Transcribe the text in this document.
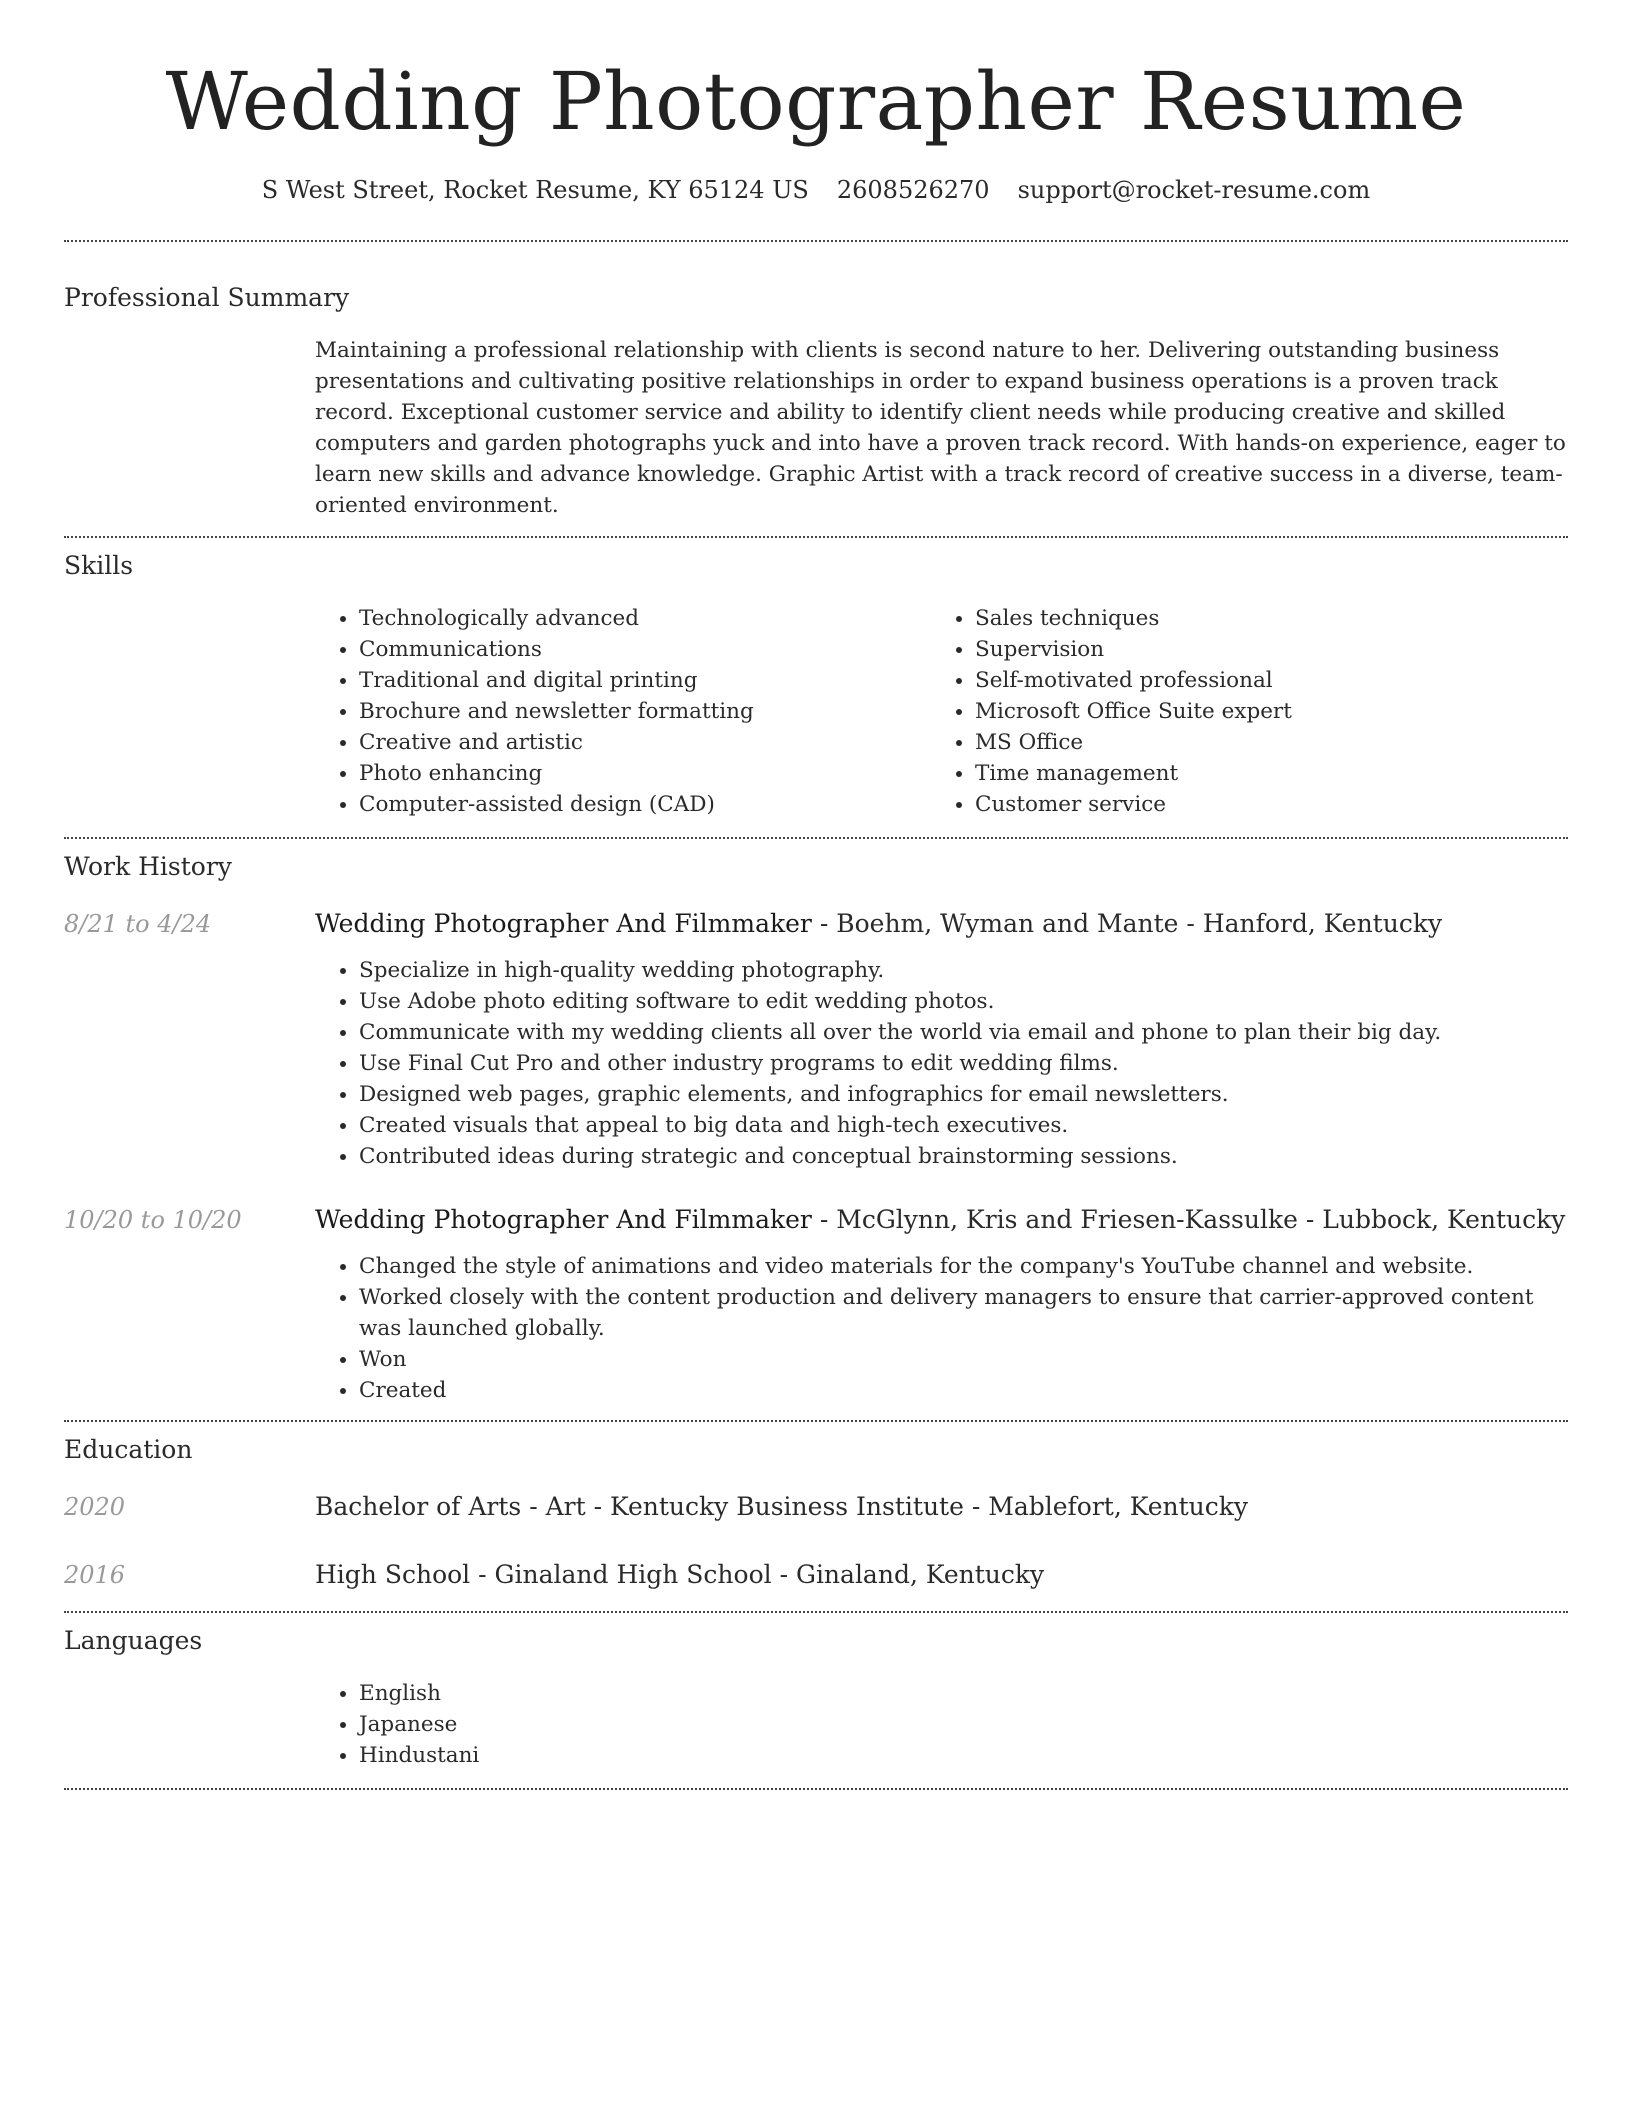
Wedding Photographer Resume
S West Street, Rocket Resume, KY 65124 US 2608526270 support@rocket-resume.com
Professional Summary

Maintaining a professional relationship with clients is second nature to her. Delivering outstanding business presentations and cultivating positive relationships in order to expand business operations is a proven track record. Exceptional customer service and ability to identify client needs while producing creative and skilled computers and garden photographs yuck and into have a proven track record. With hands-on experience, eager to learn new skills and advance knowledge. Graphic Artist with a track record of creative success in a diverse, team-oriented environment.

Skills
• Technologically advanced
• Communications
• Traditional and digital printing
• Brochure and newsletter formatting
• Creative and artistic
• Photo enhancing
• Computer-assisted design (CAD)
• Sales techniques
• Supervision
• Self-motivated professional
• Microsoft Office Suite expert
• MS Office
• Time management
• Customer service
Work History
8/21 to 4/24	Wedding Photographer And Filmmaker - Boehm, Wyman and Mante - Hanford, Kentucky
• Specialize in high-quality wedding photography.
• Use Adobe photo editing software to edit wedding photos.
• Communicate with my wedding clients all over the world via email and phone to plan their big day.
• Use Final Cut Pro and other industry programs to edit wedding films.
• Designed web pages, graphic elements, and infographics for email newsletters.
• Created visuals that appeal to big data and high-tech executives.
• Contributed ideas during strategic and conceptual brainstorming sessions.
10/20 to 10/20	Wedding Photographer And Filmmaker - McGlynn, Kris and Friesen-Kassulke - Lubbock, Kentucky
• Changed the style of animations and video materials for the company's YouTube channel and website.
• Worked closely with the content production and delivery managers to ensure that carrier-approved content was launched globally.
• Won
• Created
Education
2020	Bachelor of Arts - Art - Kentucky Business Institute - Mablefort, Kentucky
2016	High School - Ginaland High School - Ginaland, Kentucky
Languages
• English
• Japanese
• Hindustani
